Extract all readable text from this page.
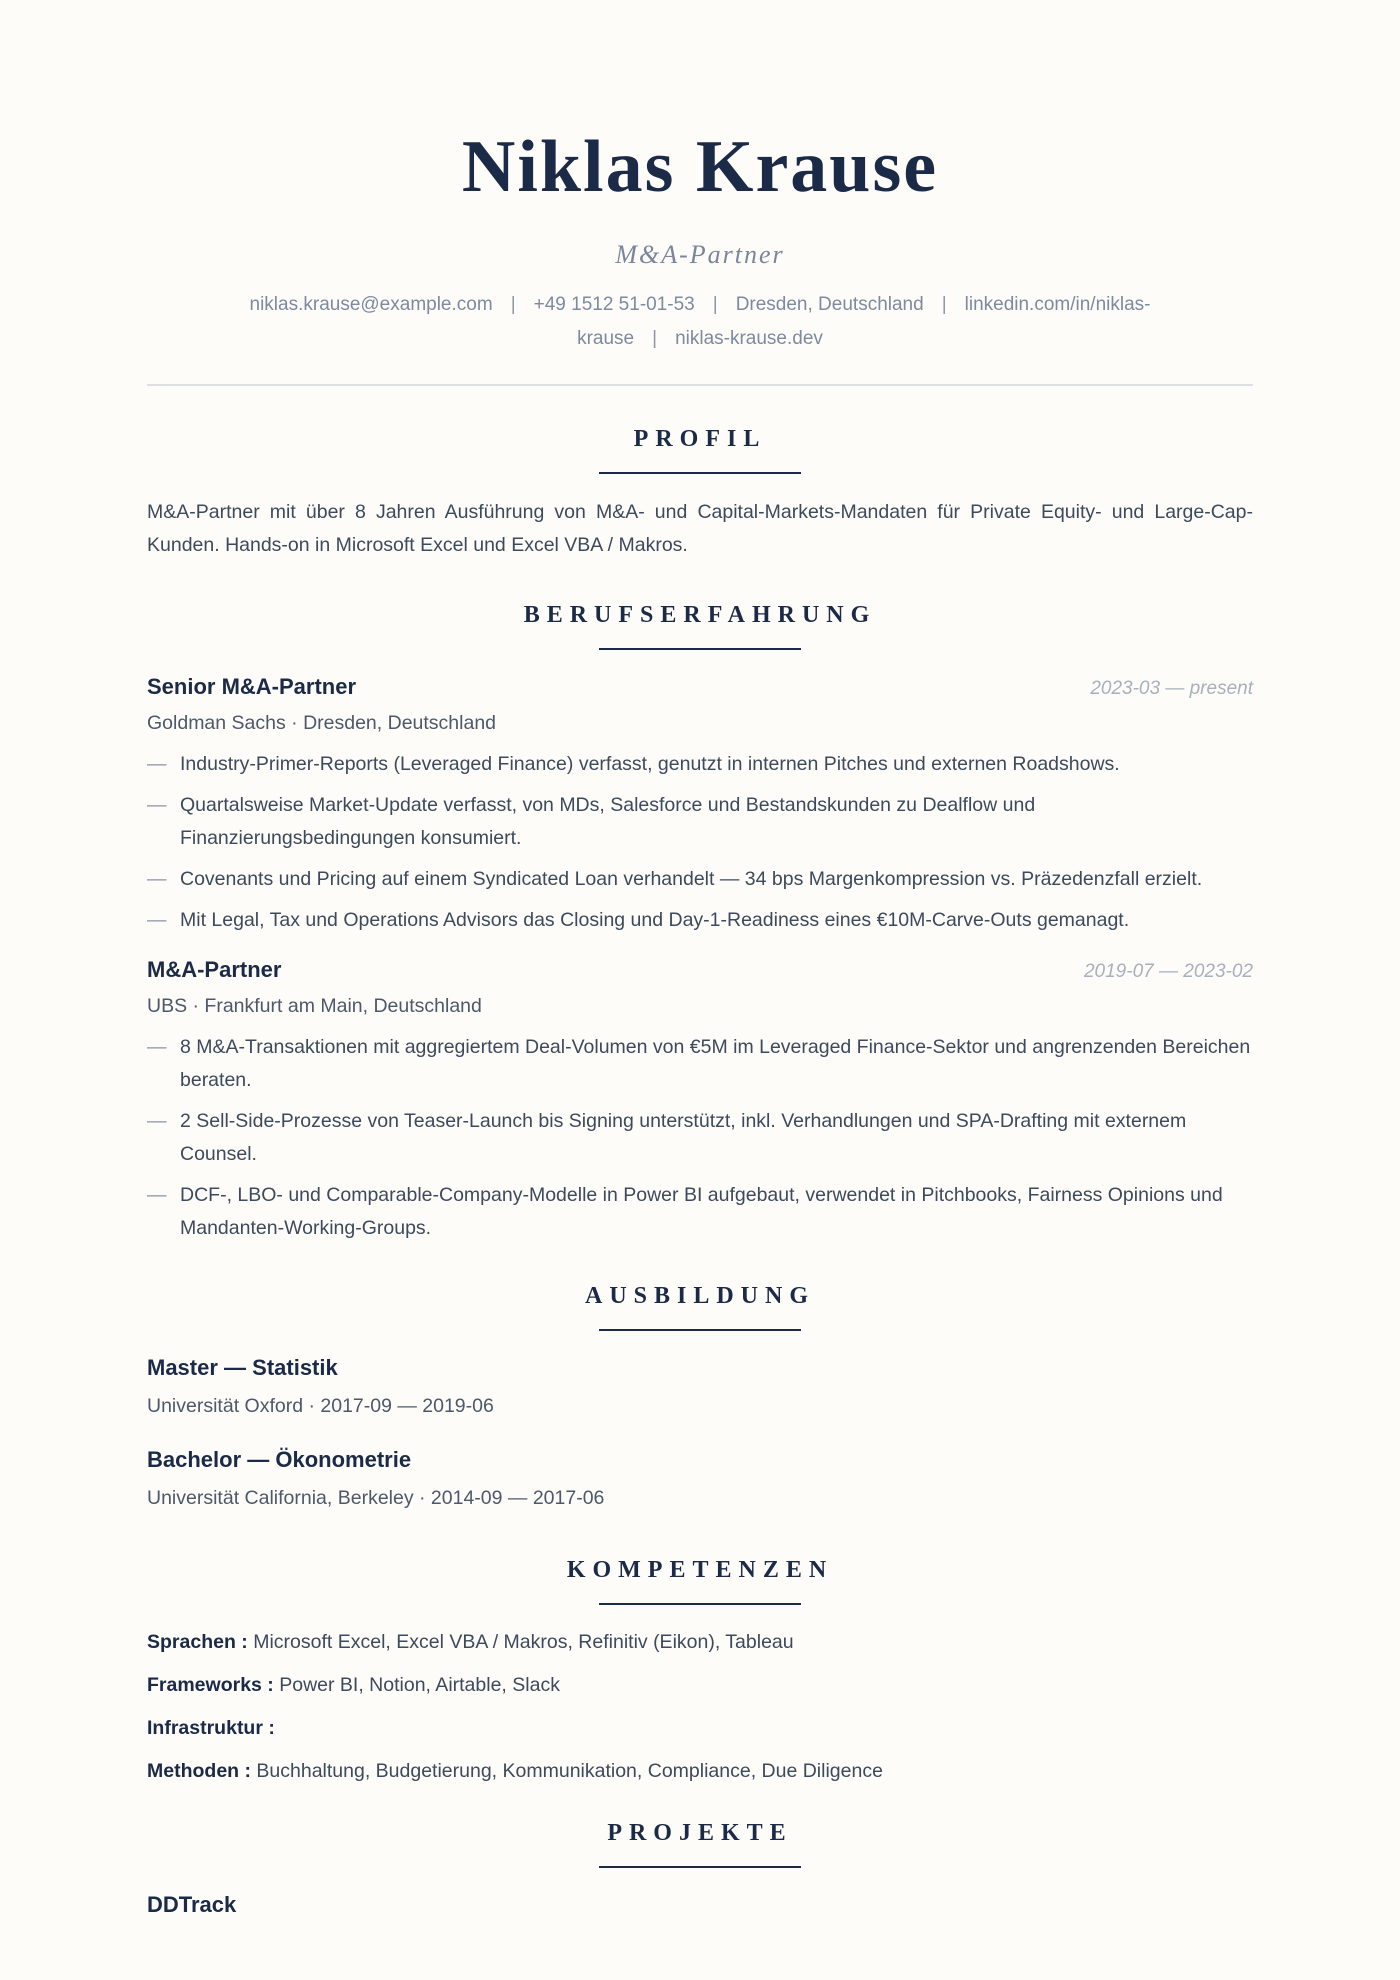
Niklas Krause
M&A-Partner
niklas.krause@example.com | +49 1512 51-01-53 | Dresden, Deutschland | linkedin.com/in/niklas-krause | niklas-krause.dev
PROFIL

M&A-Partner mit über 8 Jahren Ausführung von M&A- und Capital-Markets-Mandaten für Private Equity- und Large-Cap-Kunden. Hands-on in Microsoft Excel und Excel VBA / Makros.

BERUFSERFAHRUNG
Senior M&A-Partner	2023-03 — present
Goldman Sachs · Dresden, Deutschland
— Industry-Primer-Reports (Leveraged Finance) verfasst, genutzt in internen Pitches und externen Roadshows.
— Quartalsweise Market-Update verfasst, von MDs, Salesforce und Bestandskunden zu Dealflow und Finanzierungsbedingungen konsumiert.
— Covenants und Pricing auf einem Syndicated Loan verhandelt — 34 bps Margenkompression vs. Präzedenzfall erzielt.
— Mit Legal, Tax und Operations Advisors das Closing und Day-1-Readiness eines €10M-Carve-Outs gemanagt.
M&A-Partner	2019-07 — 2023-02
UBS · Frankfurt am Main, Deutschland
— 8 M&A-Transaktionen mit aggregiertem Deal-Volumen von €5M im Leveraged Finance-Sektor und angrenzenden Bereichen beraten.
— 2 Sell-Side-Prozesse von Teaser-Launch bis Signing unterstützt, inkl. Verhandlungen und SPA-Drafting mit externem Counsel.
— DCF-, LBO- und Comparable-Company-Modelle in Power BI aufgebaut, verwendet in Pitchbooks, Fairness Opinions und Mandanten-Working-Groups.
AUSBILDUNG
Master — Statistik
Universität Oxford · 2017-09 — 2019-06
Bachelor — Ökonometrie
Universität California, Berkeley · 2014-09 — 2017-06
KOMPETENZEN
Sprachen : Microsoft Excel, Excel VBA / Makros, Refinitiv (Eikon), Tableau
Frameworks : Power BI, Notion, Airtable, Slack
Infrastruktur :
Methoden : Buchhaltung, Budgetierung, Kommunikation, Compliance, Due Diligence
PROJEKTE
DDTrack
